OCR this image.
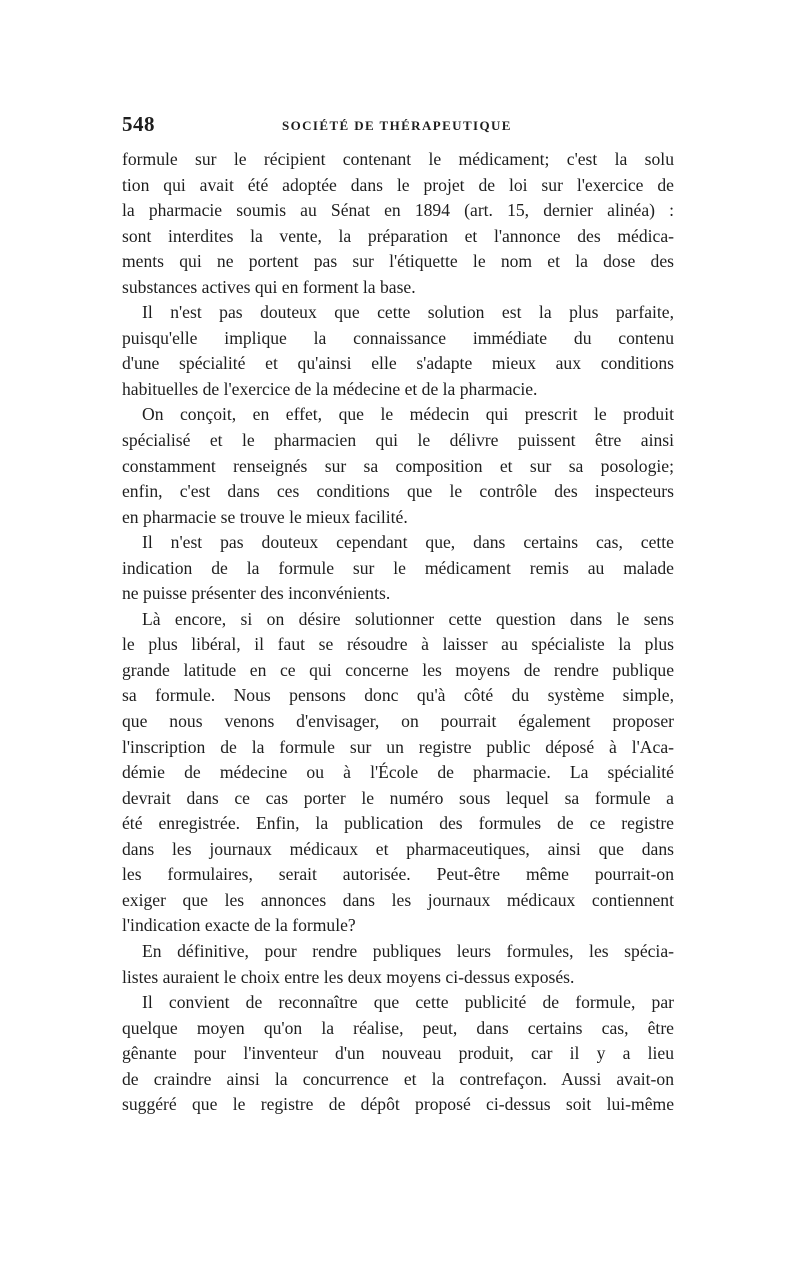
548	SOCIÉTÉ DE THÉRAPEUTIQUE
formule sur le récipient contenant le médicament; c'est la solu
tion qui avait été adoptée dans le projet de loi sur l'exercice de
la pharmacie soumis au Sénat en 1894 (art. 15, dernier alinéa) :
sont interdites la vente, la préparation et l'annonce des médica-
ments qui ne portent pas sur l'étiquette le nom et la dose des
substances actives qui en forment la base.
Il n'est pas douteux que cette solution est la plus parfaite,
puisqu'elle implique la connaissance immédiate du contenu
d'une spécialité et qu'ainsi elle s'adapte mieux aux conditions
habituelles de l'exercice de la médecine et de la pharmacie.
On conçoit, en effet, que le médecin qui prescrit le produit
spécialisé et le pharmacien qui le délivre puissent être ainsi
constamment renseignés sur sa composition et sur sa posologie;
enfin, c'est dans ces conditions que le contrôle des inspecteurs
en pharmacie se trouve le mieux facilité.
Il n'est pas douteux cependant que, dans certains cas, cette
indication de la formule sur le médicament remis au malade
ne puisse présenter des inconvénients.
Là encore, si on désire solutionner cette question dans le sens
le plus libéral, il faut se résoudre à laisser au spécialiste la plus
grande latitude en ce qui concerne les moyens de rendre publique
sa formule. Nous pensons donc qu'à côté du système simple,
que nous venons d'envisager, on pourrait également proposer
l'inscription de la formule sur un registre public déposé à l'Aca-
démie de médecine ou à l'École de pharmacie. La spécialité
devrait dans ce cas porter le numéro sous lequel sa formule a
été enregistrée. Enfin, la publication des formules de ce registre
dans les journaux médicaux et pharmaceutiques, ainsi que dans
les formulaires, serait autorisée. Peut-être même pourrait-on
exiger que les annonces dans les journaux médicaux contiennent
l'indication exacte de la formule?
En définitive, pour rendre publiques leurs formules, les spécia-
listes auraient le choix entre les deux moyens ci-dessus exposés.
Il convient de reconnaître que cette publicité de formule, par
quelque moyen qu'on la réalise, peut, dans certains cas, être
gênante pour l'inventeur d'un nouveau produit, car il y a lieu
de craindre ainsi la concurrence et la contrefaçon. Aussi avait-on
suggéré que le registre de dépôt proposé ci-dessus soit lui-même
